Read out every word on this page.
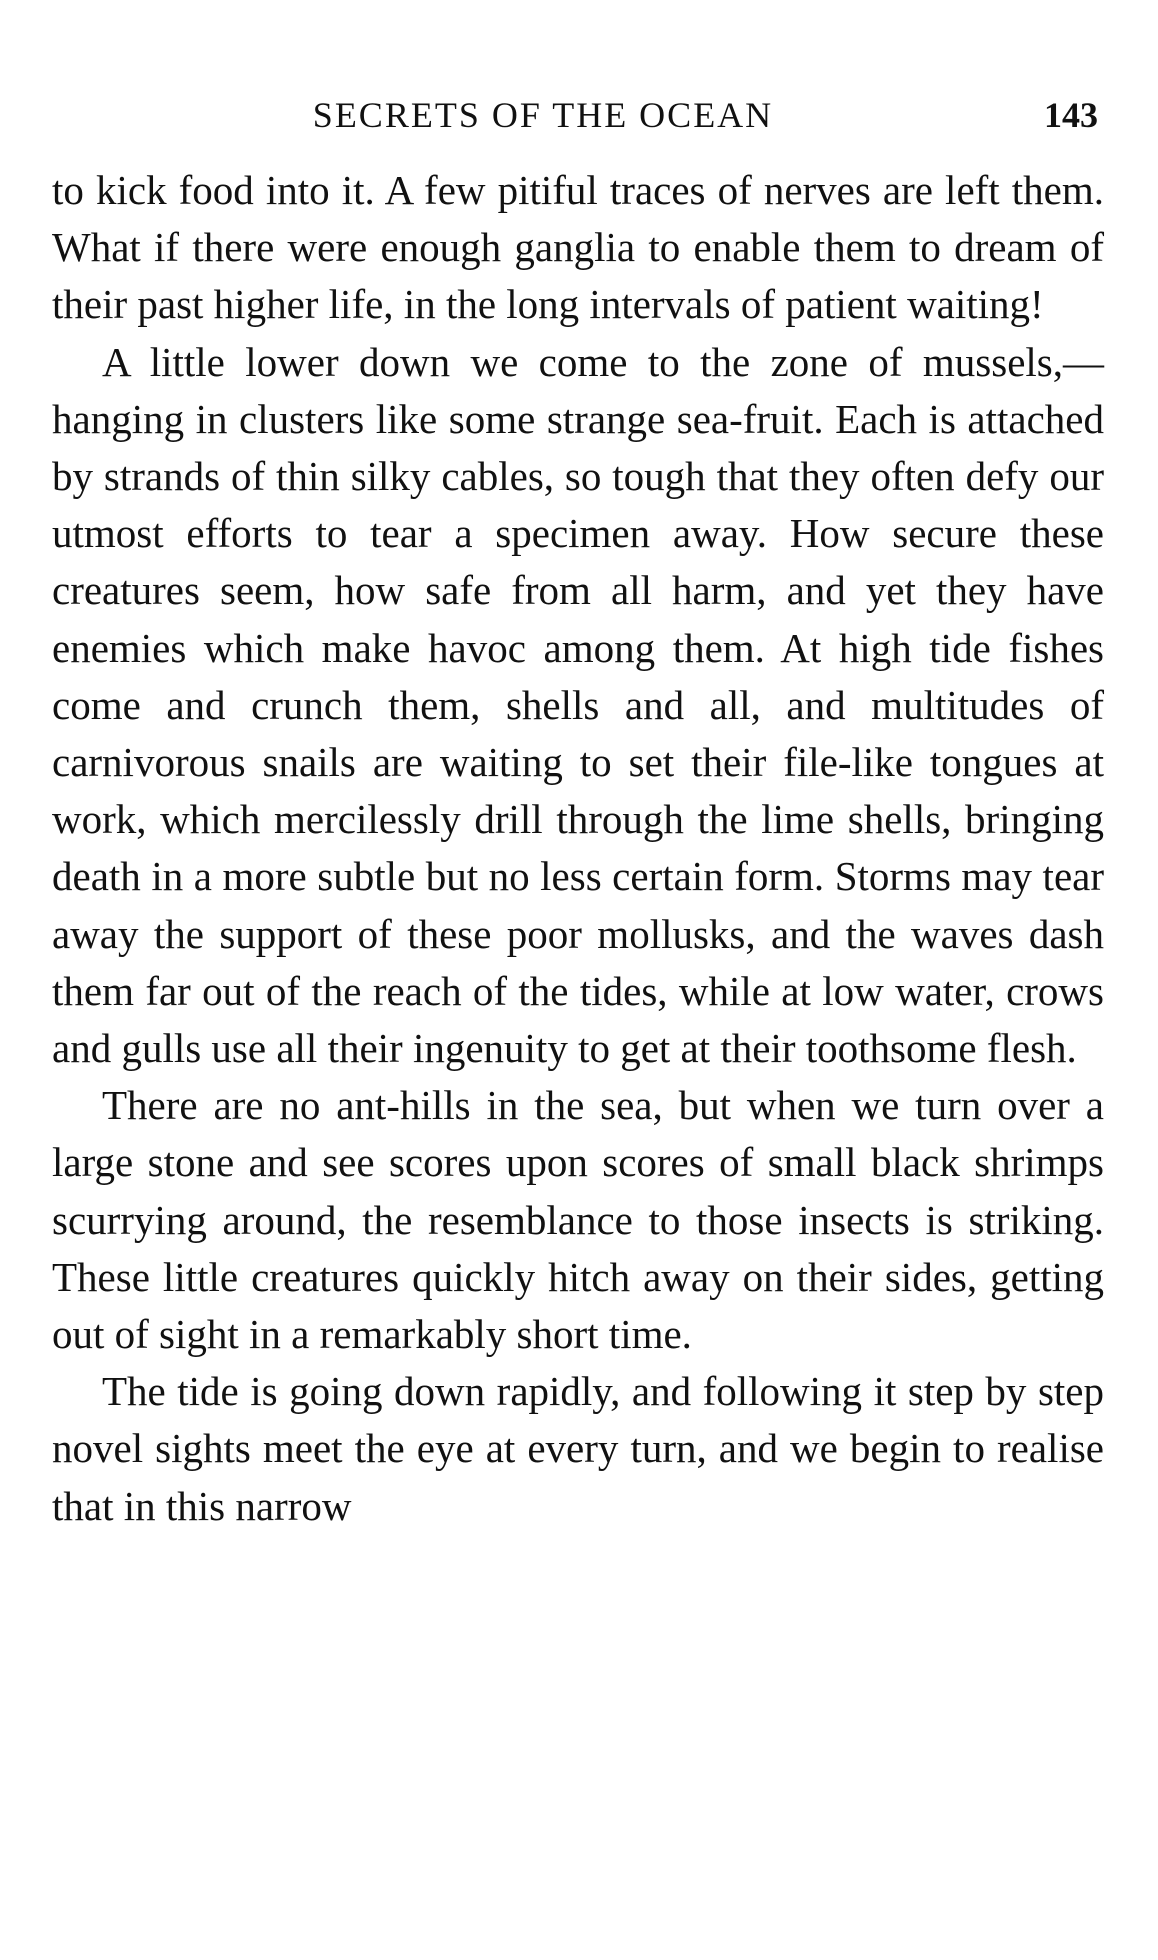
SECRETS OF THE OCEAN	143

to kick food into it. A few pitiful traces of nerves are left them. What if there were enough ganglia to enable them to dream of their past higher life, in the long intervals of patient waiting!

A little lower down we come to the zone of mussels,—hanging in clusters like some strange sea-fruit. Each is attached by strands of thin silky cables, so tough that they often defy our utmost efforts to tear a specimen away. How secure these creatures seem, how safe from all harm, and yet they have enemies which make havoc among them. At high tide fishes come and crunch them, shells and all, and multitudes of carnivorous snails are waiting to set their file-like tongues at work, which mercilessly drill through the lime shells, bringing death in a more subtle but no less certain form. Storms may tear away the support of these poor mollusks, and the waves dash them far out of the reach of the tides, while at low water, crows and gulls use all their ingenuity to get at their toothsome flesh.

There are no ant-hills in the sea, but when we turn over a large stone and see scores upon scores of small black shrimps scurrying around, the resemblance to those insects is striking. These little creatures quickly hitch away on their sides, getting out of sight in a remarkably short time.

The tide is going down rapidly, and following it step by step novel sights meet the eye at every turn, and we begin to realise that in this narrow
